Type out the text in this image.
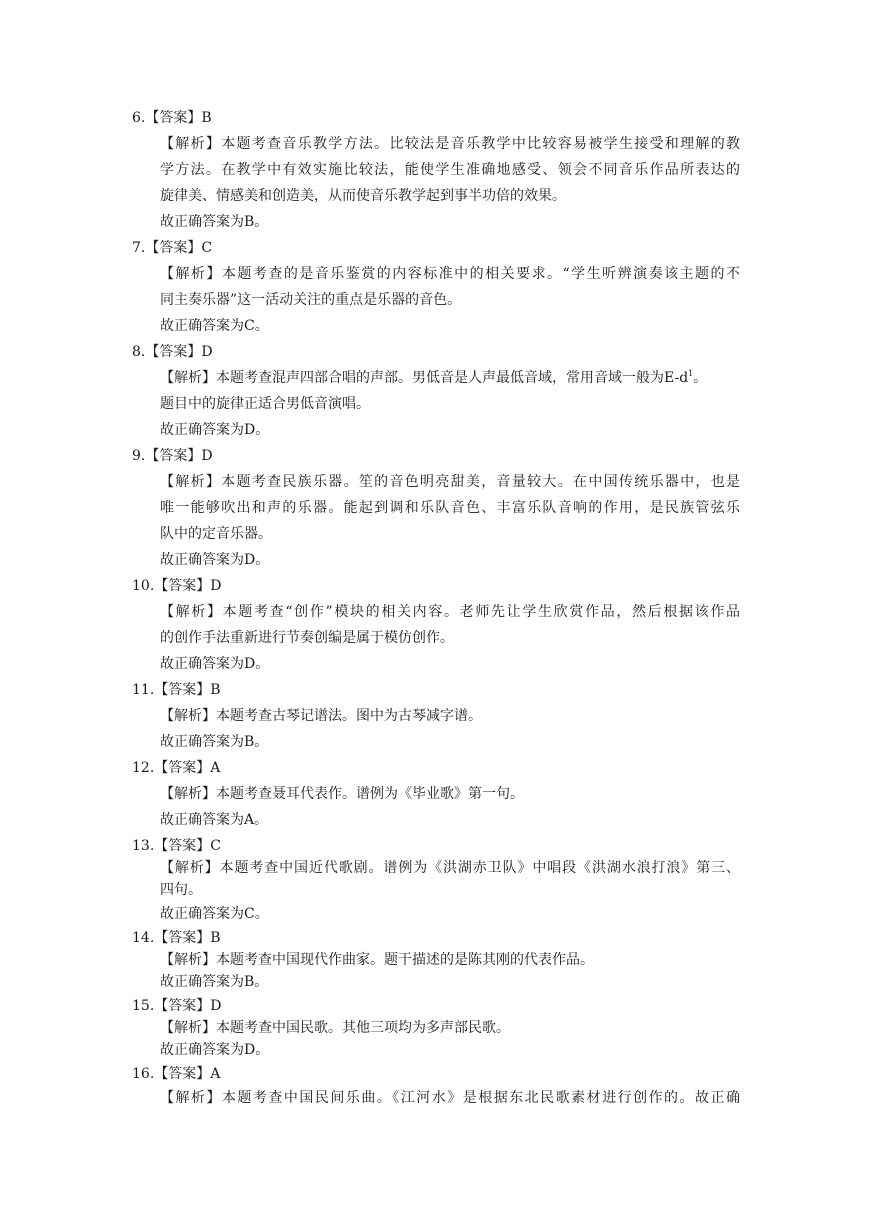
6.【答案】B
【解析】本题考查音乐教学方法。比较法是音乐教学中比较容易被学生接受和理解的教
学方法。在教学中有效实施比较法，能使学生准确地感受、领会不同音乐作品所表达的
旋律美、情感美和创造美，从而使音乐教学起到事半功倍的效果。
故正确答案为B。
7.【答案】C
【解析】本题考查的是音乐鉴赏的内容标准中的相关要求。“学生听辨演奏该主题的不
同主奏乐器”这一活动关注的重点是乐器的音色。
故正确答案为C。
8.【答案】D
【解析】本题考查混声四部合唱的声部。男低音是人声最低音域，常用音域一般为$E-d^1$。
题目中的旋律正适合男低音演唱。
故正确答案为D。
9.【答案】D
【解析】本题考查民族乐器。笙的音色明亮甜美，音量较大。在中国传统乐器中，也是
唯一能够吹出和声的乐器。能起到调和乐队音色、丰富乐队音响的作用，是民族管弦乐
队中的定音乐器。
故正确答案为D。
10.【答案】D
【解析】本题考查“创作”模块的相关内容。老师先让学生欣赏作品，然后根据该作品
的创作手法重新进行节奏创编是属于模仿创作。
故正确答案为D。
11.【答案】B
【解析】本题考查古琴记谱法。图中为古琴减字谱。
故正确答案为B。
12.【答案】A
【解析】本题考查聂耳代表作。谱例为《毕业歌》第一句。
故正确答案为A。
13.【答案】C
【解析】本题考查中国近代歌剧。谱例为《洪湖赤卫队》中唱段《洪湖水浪打浪》第三、
四句。
故正确答案为C。
14.【答案】B
【解析】本题考查中国现代作曲家。题干描述的是陈其刚的代表作品。
故正确答案为B。
15.【答案】D
【解析】本题考查中国民歌。其他三项均为多声部民歌。
故正确答案为D。
16.【答案】A
【解析】本题考查中国民间乐曲。《江河水》是根据东北民歌素材进行创作的。故正确
